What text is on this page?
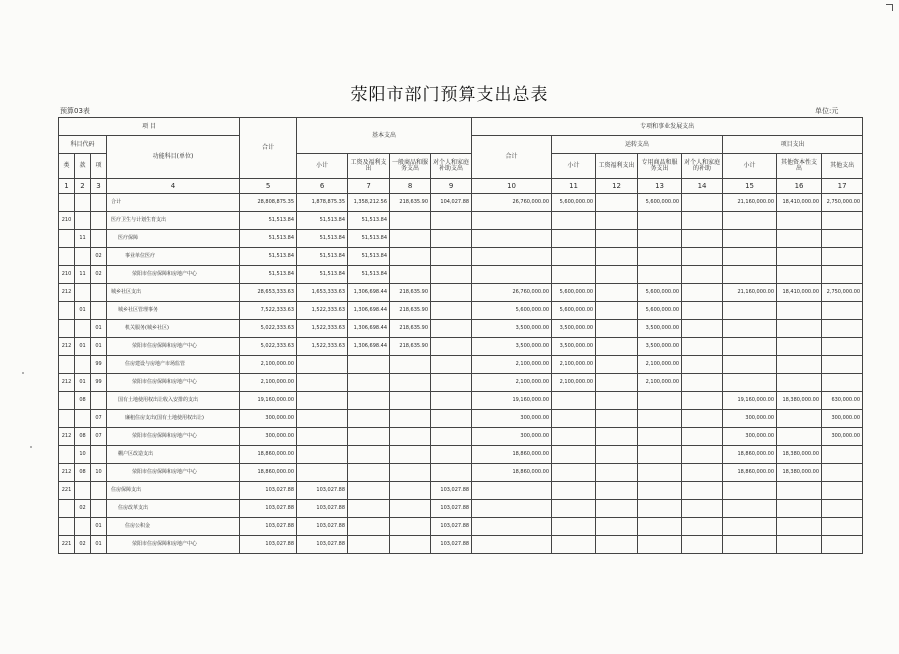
荥阳市部门预算支出总表
预算03表	单位:元
项 目				合计	基本支出				专项和事业发展支出							
科目代码			功能科目(单位)						合计	运转支出				项目支出		
类	款	项			小计	工资及福利支出	一般商品和服务支出	对个人和家庭补助支出		小计	工资福利支出	专用商品和服务支出	对个人和家庭的补助	小计	其他资本性支出	其他支出
1	2	3	4	5	6	7	8	9	10	11	12	13	14	15	16	17
			合计	28,808,875.35	1,878,875.35	1,358,212.56	218,635.90	104,027.88	26,760,000.00	5,600,000.00		5,600,000.00		21,160,000.00	18,410,000.00	2,750,000.00
210			医疗卫生与计划生育支出	51,513.84	51,513.84	51,513.84										
	11		医疗保障	51,513.84	51,513.84	51,513.84										
		02	事业单位医疗	51,513.84	51,513.84	51,513.84										
210	11	02	荥阳市住房保障和房地产中心	51,513.84	51,513.84	51,513.84										
212			城乡社区支出	28,653,333.63	1,653,333.63	1,306,698.44	218,635.90		26,760,000.00	5,600,000.00		5,600,000.00		21,160,000.00	18,410,000.00	2,750,000.00
	01		城乡社区管理事务	7,522,333.63	1,522,333.63	1,306,698.44	218,635.90		5,600,000.00	5,600,000.00		5,600,000.00				
		01	机关服务(城乡社区)	5,022,333.63	1,522,333.63	1,306,698.44	218,635.90		3,500,000.00	3,500,000.00		3,500,000.00				
212	01	01	荥阳市住房保障和房地产中心	5,022,333.63	1,522,333.63	1,306,698.44	218,635.90		3,500,000.00	3,500,000.00		3,500,000.00				
		99	住房建设与房地产市场监管	2,100,000.00					2,100,000.00	2,100,000.00		2,100,000.00				
212	01	99	荥阳市住房保障和房地产中心	2,100,000.00					2,100,000.00	2,100,000.00		2,100,000.00				
	08		国有土地使用权出让收入安排的支出	19,160,000.00					19,160,000.00					19,160,000.00	18,380,000.00	630,000.00
		07	廉租住房支出(国有土地使用权出让)	300,000.00					300,000.00					300,000.00		300,000.00
212	08	07	荥阳市住房保障和房地产中心	300,000.00					300,000.00					300,000.00		300,000.00
	10		棚户区改造支出	18,860,000.00					18,860,000.00					18,860,000.00	18,380,000.00	
212	08	10	荥阳市住房保障和房地产中心	18,860,000.00					18,860,000.00					18,860,000.00	18,380,000.00	
221			住房保障支出	103,027.88	103,027.88			103,027.88								
	02		住房改革支出	103,027.88	103,027.88			103,027.88								
		01	住房公积金	103,027.88	103,027.88			103,027.88								
221	02	01	荥阳市住房保障和房地产中心	103,027.88	103,027.88			103,027.88								
